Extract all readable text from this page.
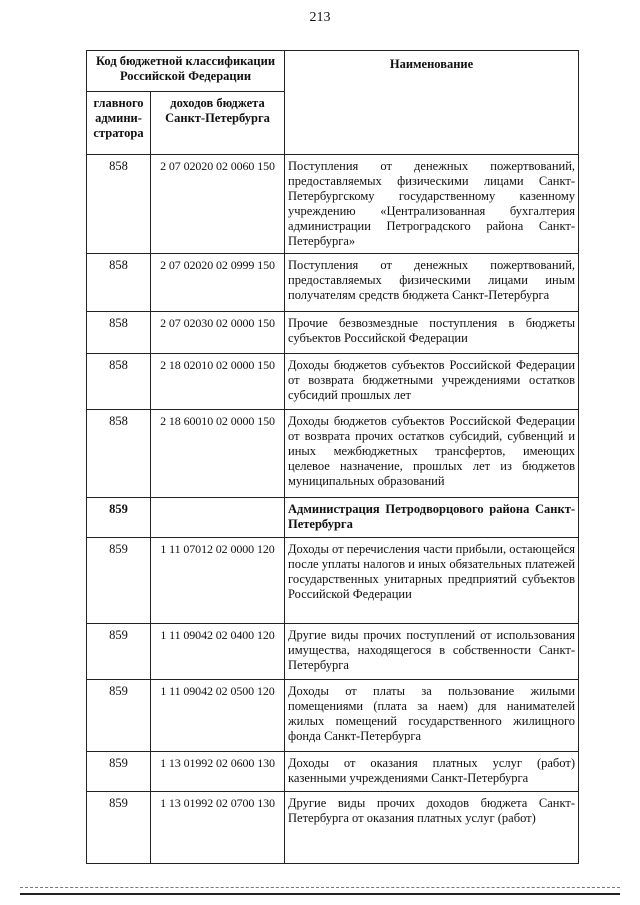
213
Код бюджетной классификации Российской Федерации		Наименование
главного админи-стратора	доходов бюджета Санкт-Петербурга	
858	2 07 02020 02 0060 150	Поступления от денежных пожертвований, предоставляемых физическими лицами Санкт-Петербургскому государственному казенному учреждению «Централизованная бухгалтерия администрации Петроградского района Санкт-Петербурга»
858	2 07 02020 02 0999 150	Поступления от денежных пожертвований, предоставляемых физическими лицами иным получателям средств бюджета Санкт-Петербурга
858	2 07 02030 02 0000 150	Прочие безвозмездные поступления в бюджеты субъектов Российской Федерации
858	2 18 02010 02 0000 150	Доходы бюджетов субъектов Российской Федерации от возврата бюджетными учреждениями остатков субсидий прошлых лет
858	2 18 60010 02 0000 150	Доходы бюджетов субъектов Российской Федерации от возврата прочих остатков субсидий, субвенций и иных межбюджетных трансфертов, имеющих целевое назначение, прошлых лет из бюджетов муниципальных образований
859		Администрация Петродворцового района Санкт-Петербурга
859	1 11 07012 02 0000 120	Доходы от перечисления части прибыли, остающейся после уплаты налогов и иных обязательных платежей государственных унитарных предприятий субъектов Российской Федерации
859	1 11 09042 02 0400 120	Другие виды прочих поступлений от использования имущества, находящегося в собственности Санкт-Петербурга
859	1 11 09042 02 0500 120	Доходы от платы за пользование жилыми помещениями (плата за наем) для нанимателей жилых помещений государственного жилищного фонда Санкт-Петербурга
859	1 13 01992 02 0600 130	Доходы от оказания платных услуг (работ) казенными учреждениями Санкт-Петербурга
859	1 13 01992 02 0700 130	Другие виды прочих доходов бюджета Санкт-Петербурга от оказания платных услуг (работ)
